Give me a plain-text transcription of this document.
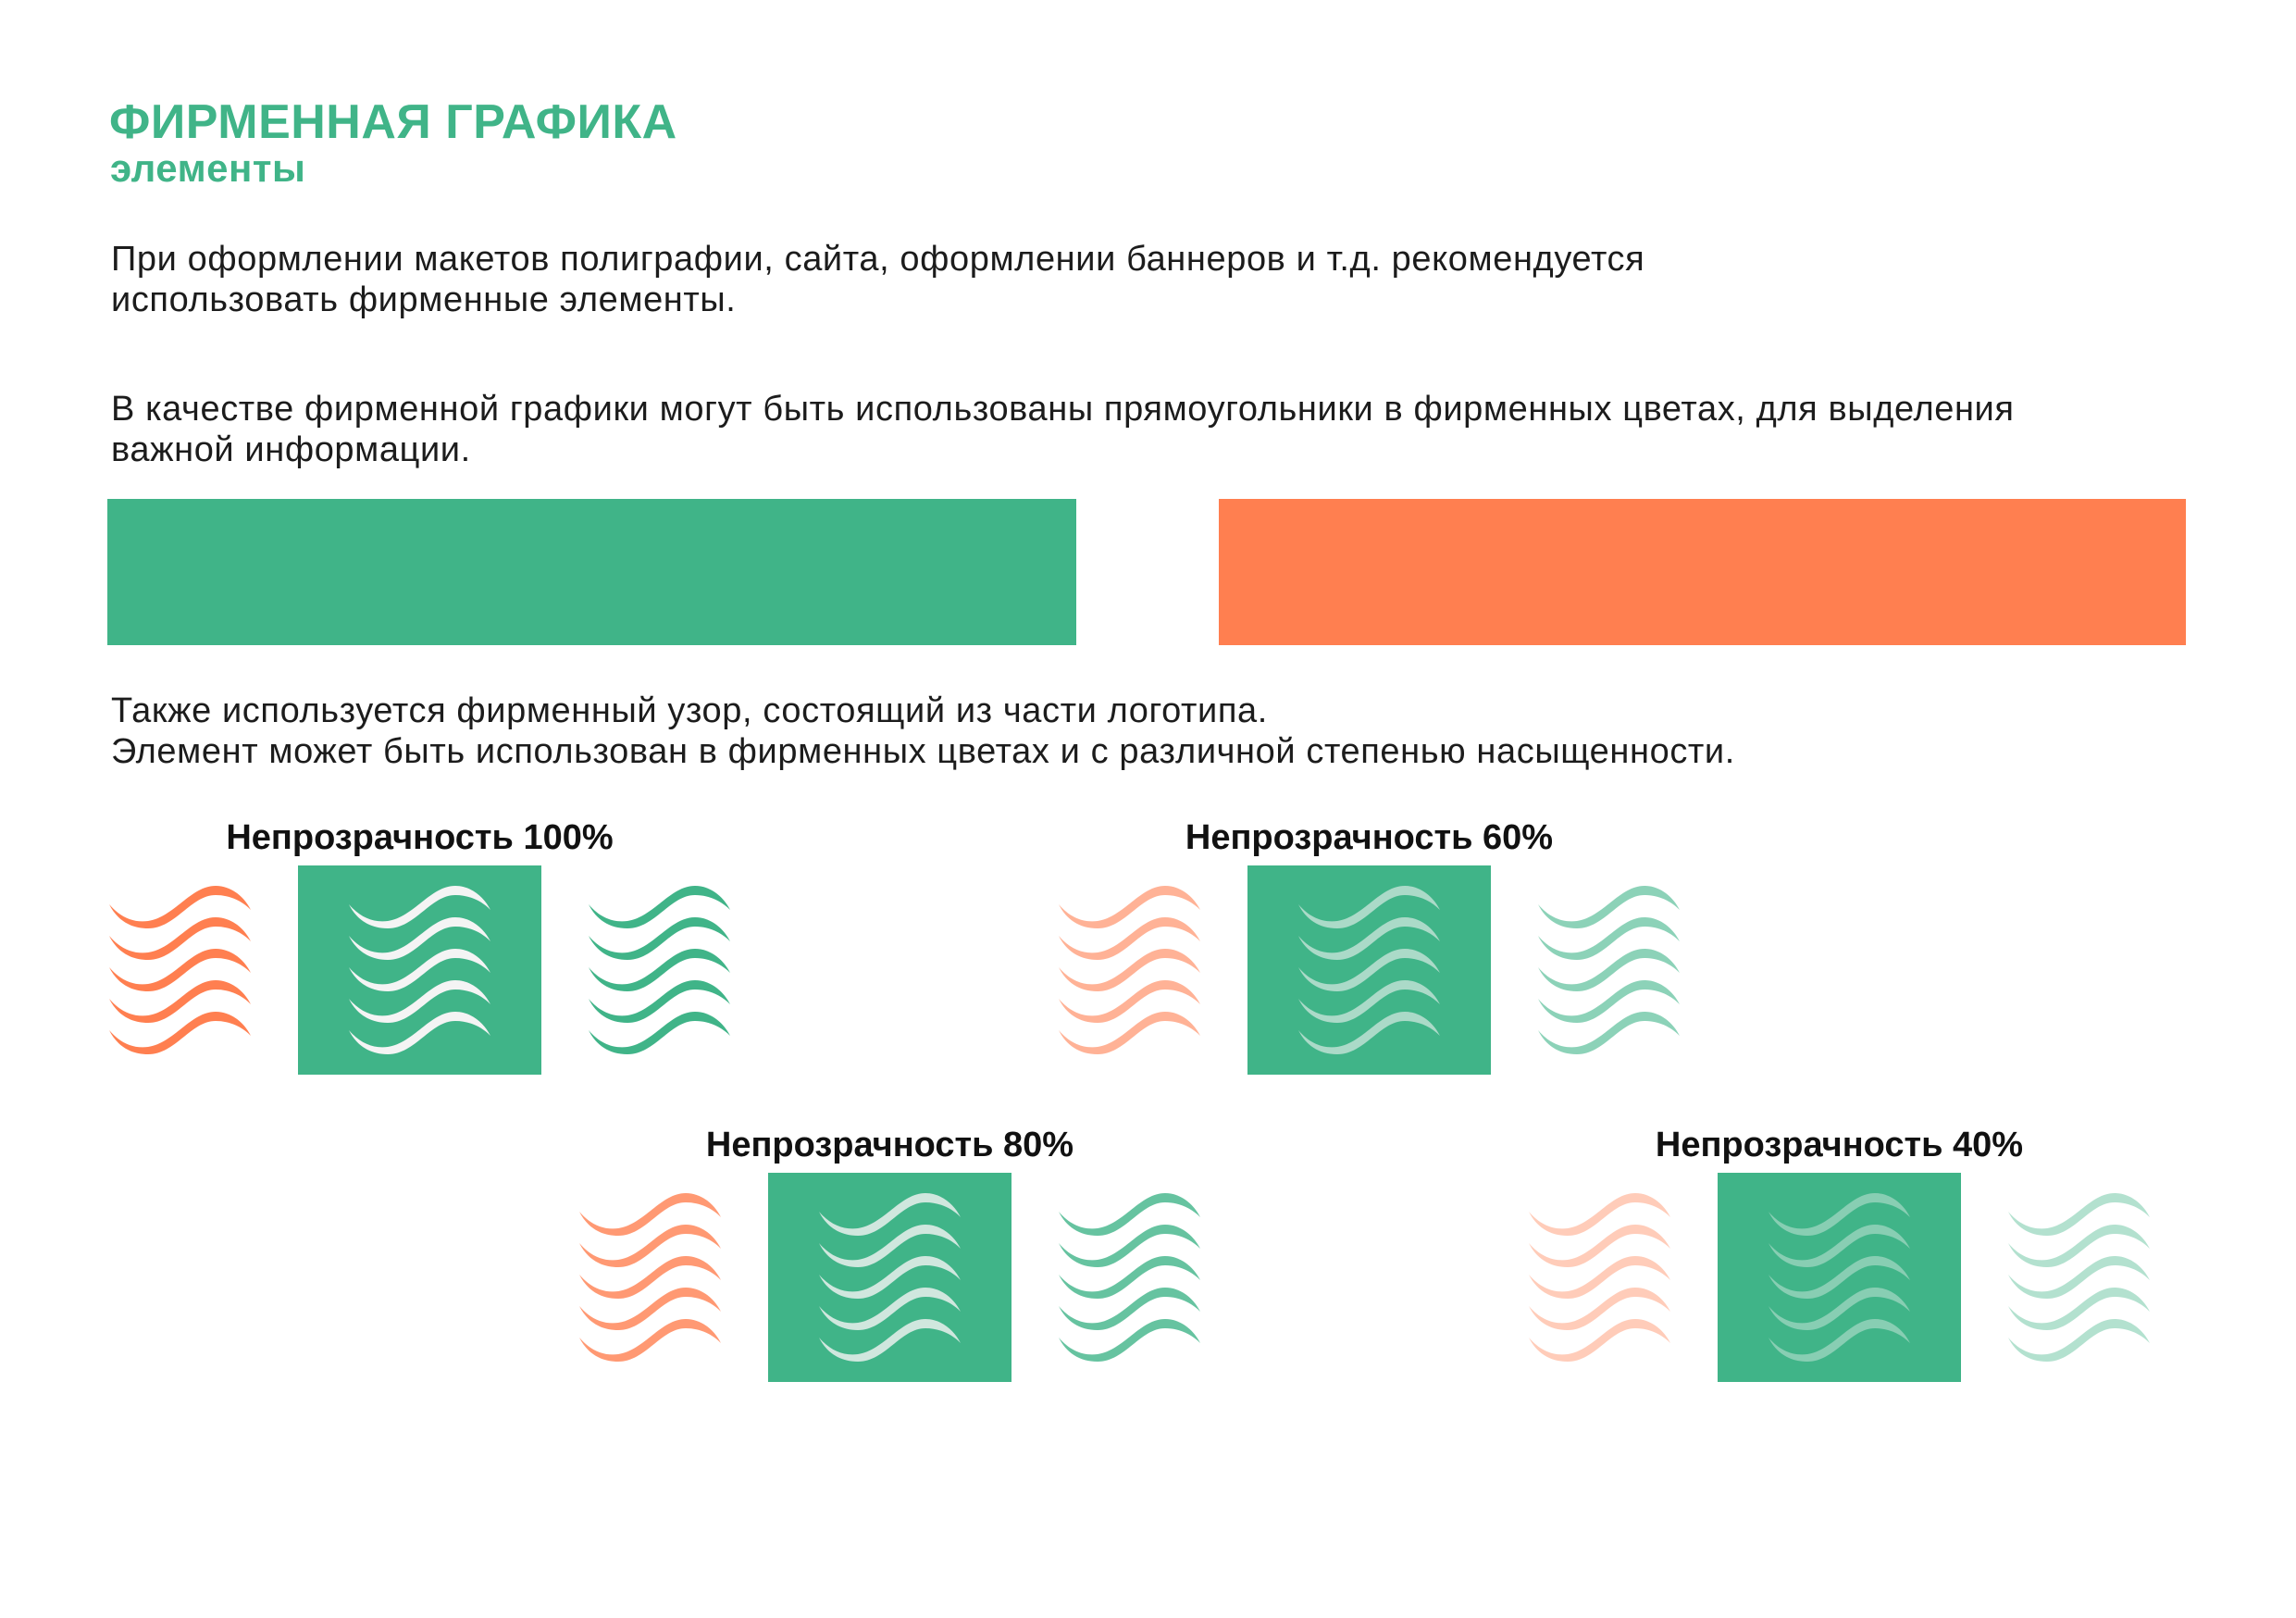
ФИРМЕННАЯ ГРАФИКА
элементы
При оформлении макетов полиграфии, сайта, оформлении баннеров и т.д. рекомендуется
использовать фирменные элементы.
В качестве фирменной графики могут быть использованы прямоугольники в фирменных цветах, для выделения
важной информации.
Также используется фирменный узор, состоящий из части логотипа.
Элемент может быть использован в фирменных цветах и с различной степенью насыщенности.
Непрозрачность 100%	Непрозрачность 60%
Непрозрачность 80%	Непрозрачность 40%
